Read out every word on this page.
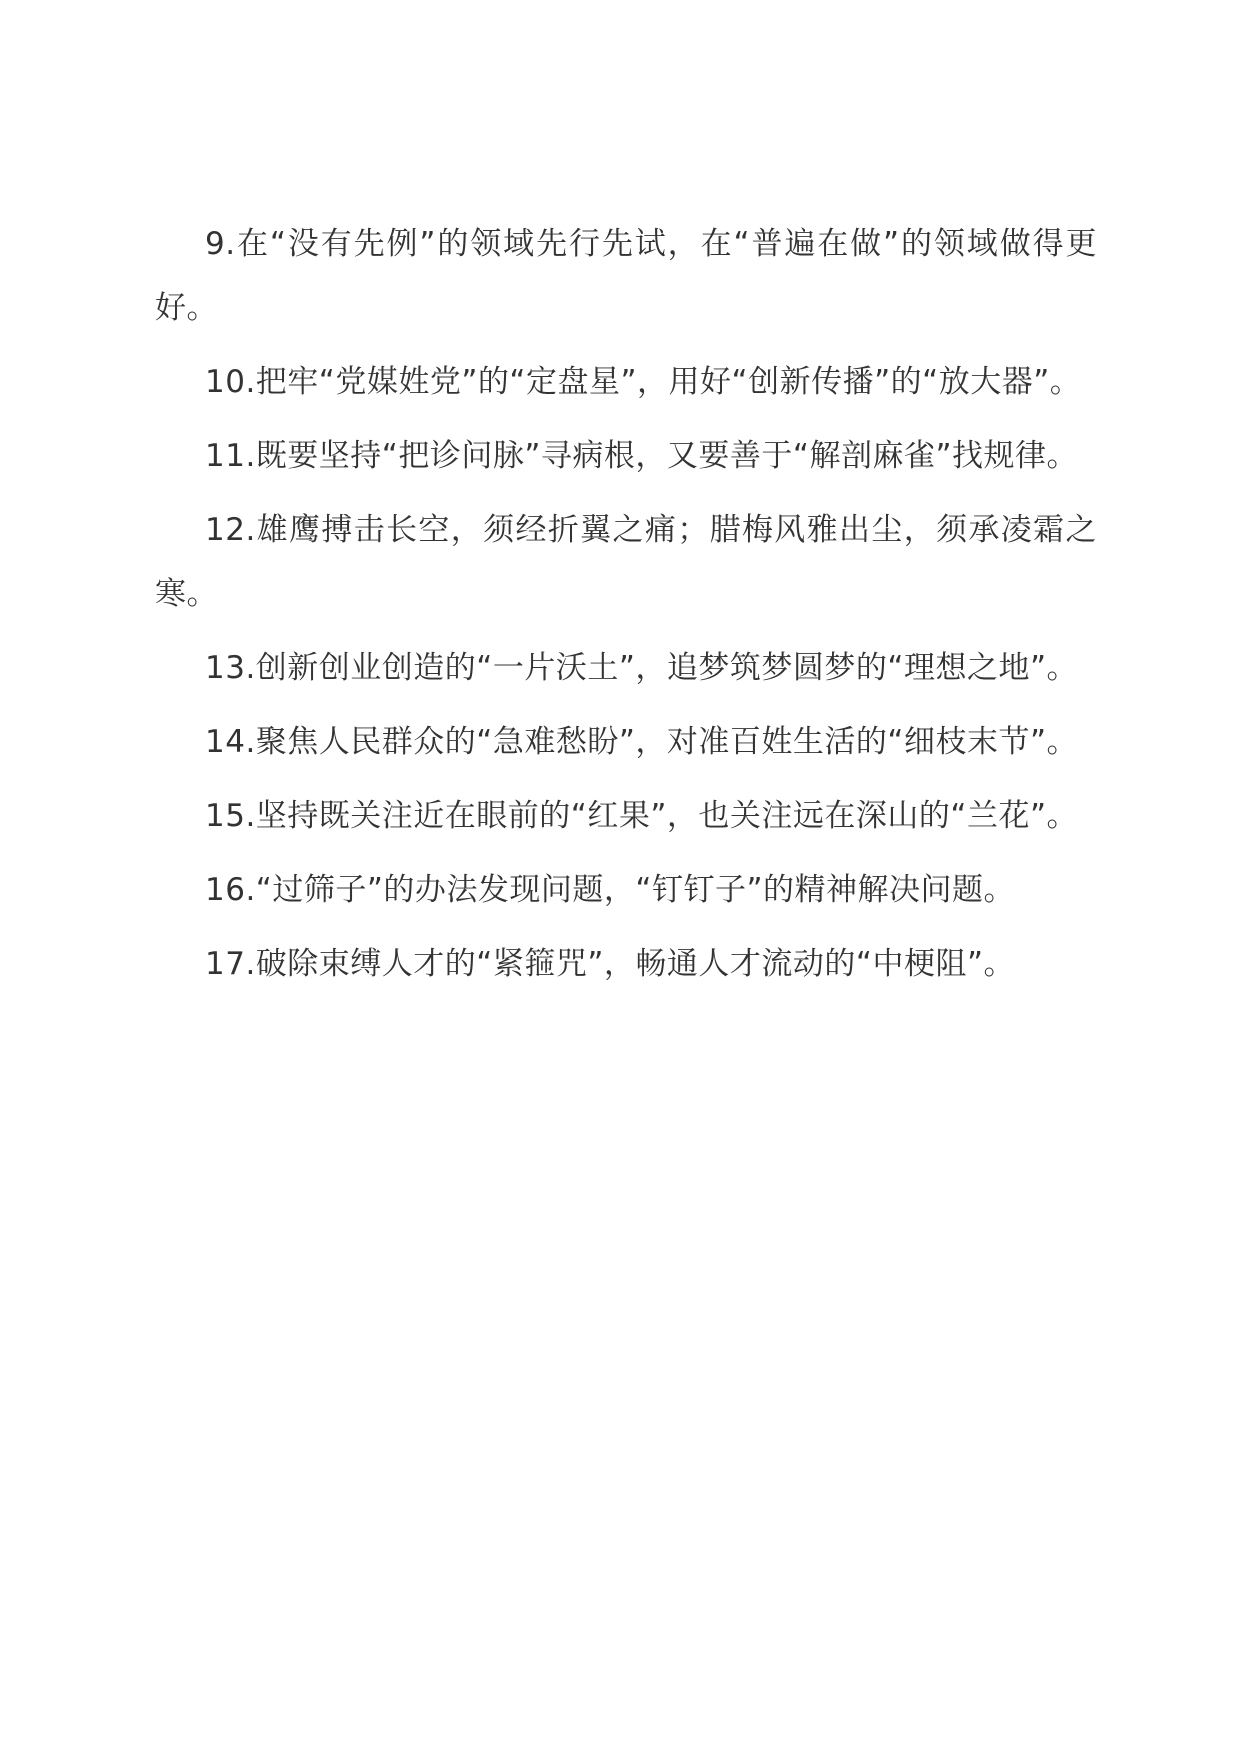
9.在“没有先例”的领域先行先试，在“普遍在做”的领域做得更好。

10.把牢“党媒姓党”的“定盘星”，用好“创新传播”的“放大器”。

11.既要坚持“把诊问脉”寻病根，又要善于“解剖麻雀”找规律。

12.雄鹰搏击长空，须经折翼之痛；腊梅风雅出尘，须承凌霜之寒。

13.创新创业创造的“一片沃土”，追梦筑梦圆梦的“理想之地”。

14.聚焦人民群众的“急难愁盼”，对准百姓生活的“细枝末节”。

15.坚持既关注近在眼前的“红果”，也关注远在深山的“兰花”。

16.“过筛子”的办法发现问题，“钉钉子”的精神解决问题。

17.破除束缚人才的“紧箍咒”，畅通人才流动的“中梗阻”。
